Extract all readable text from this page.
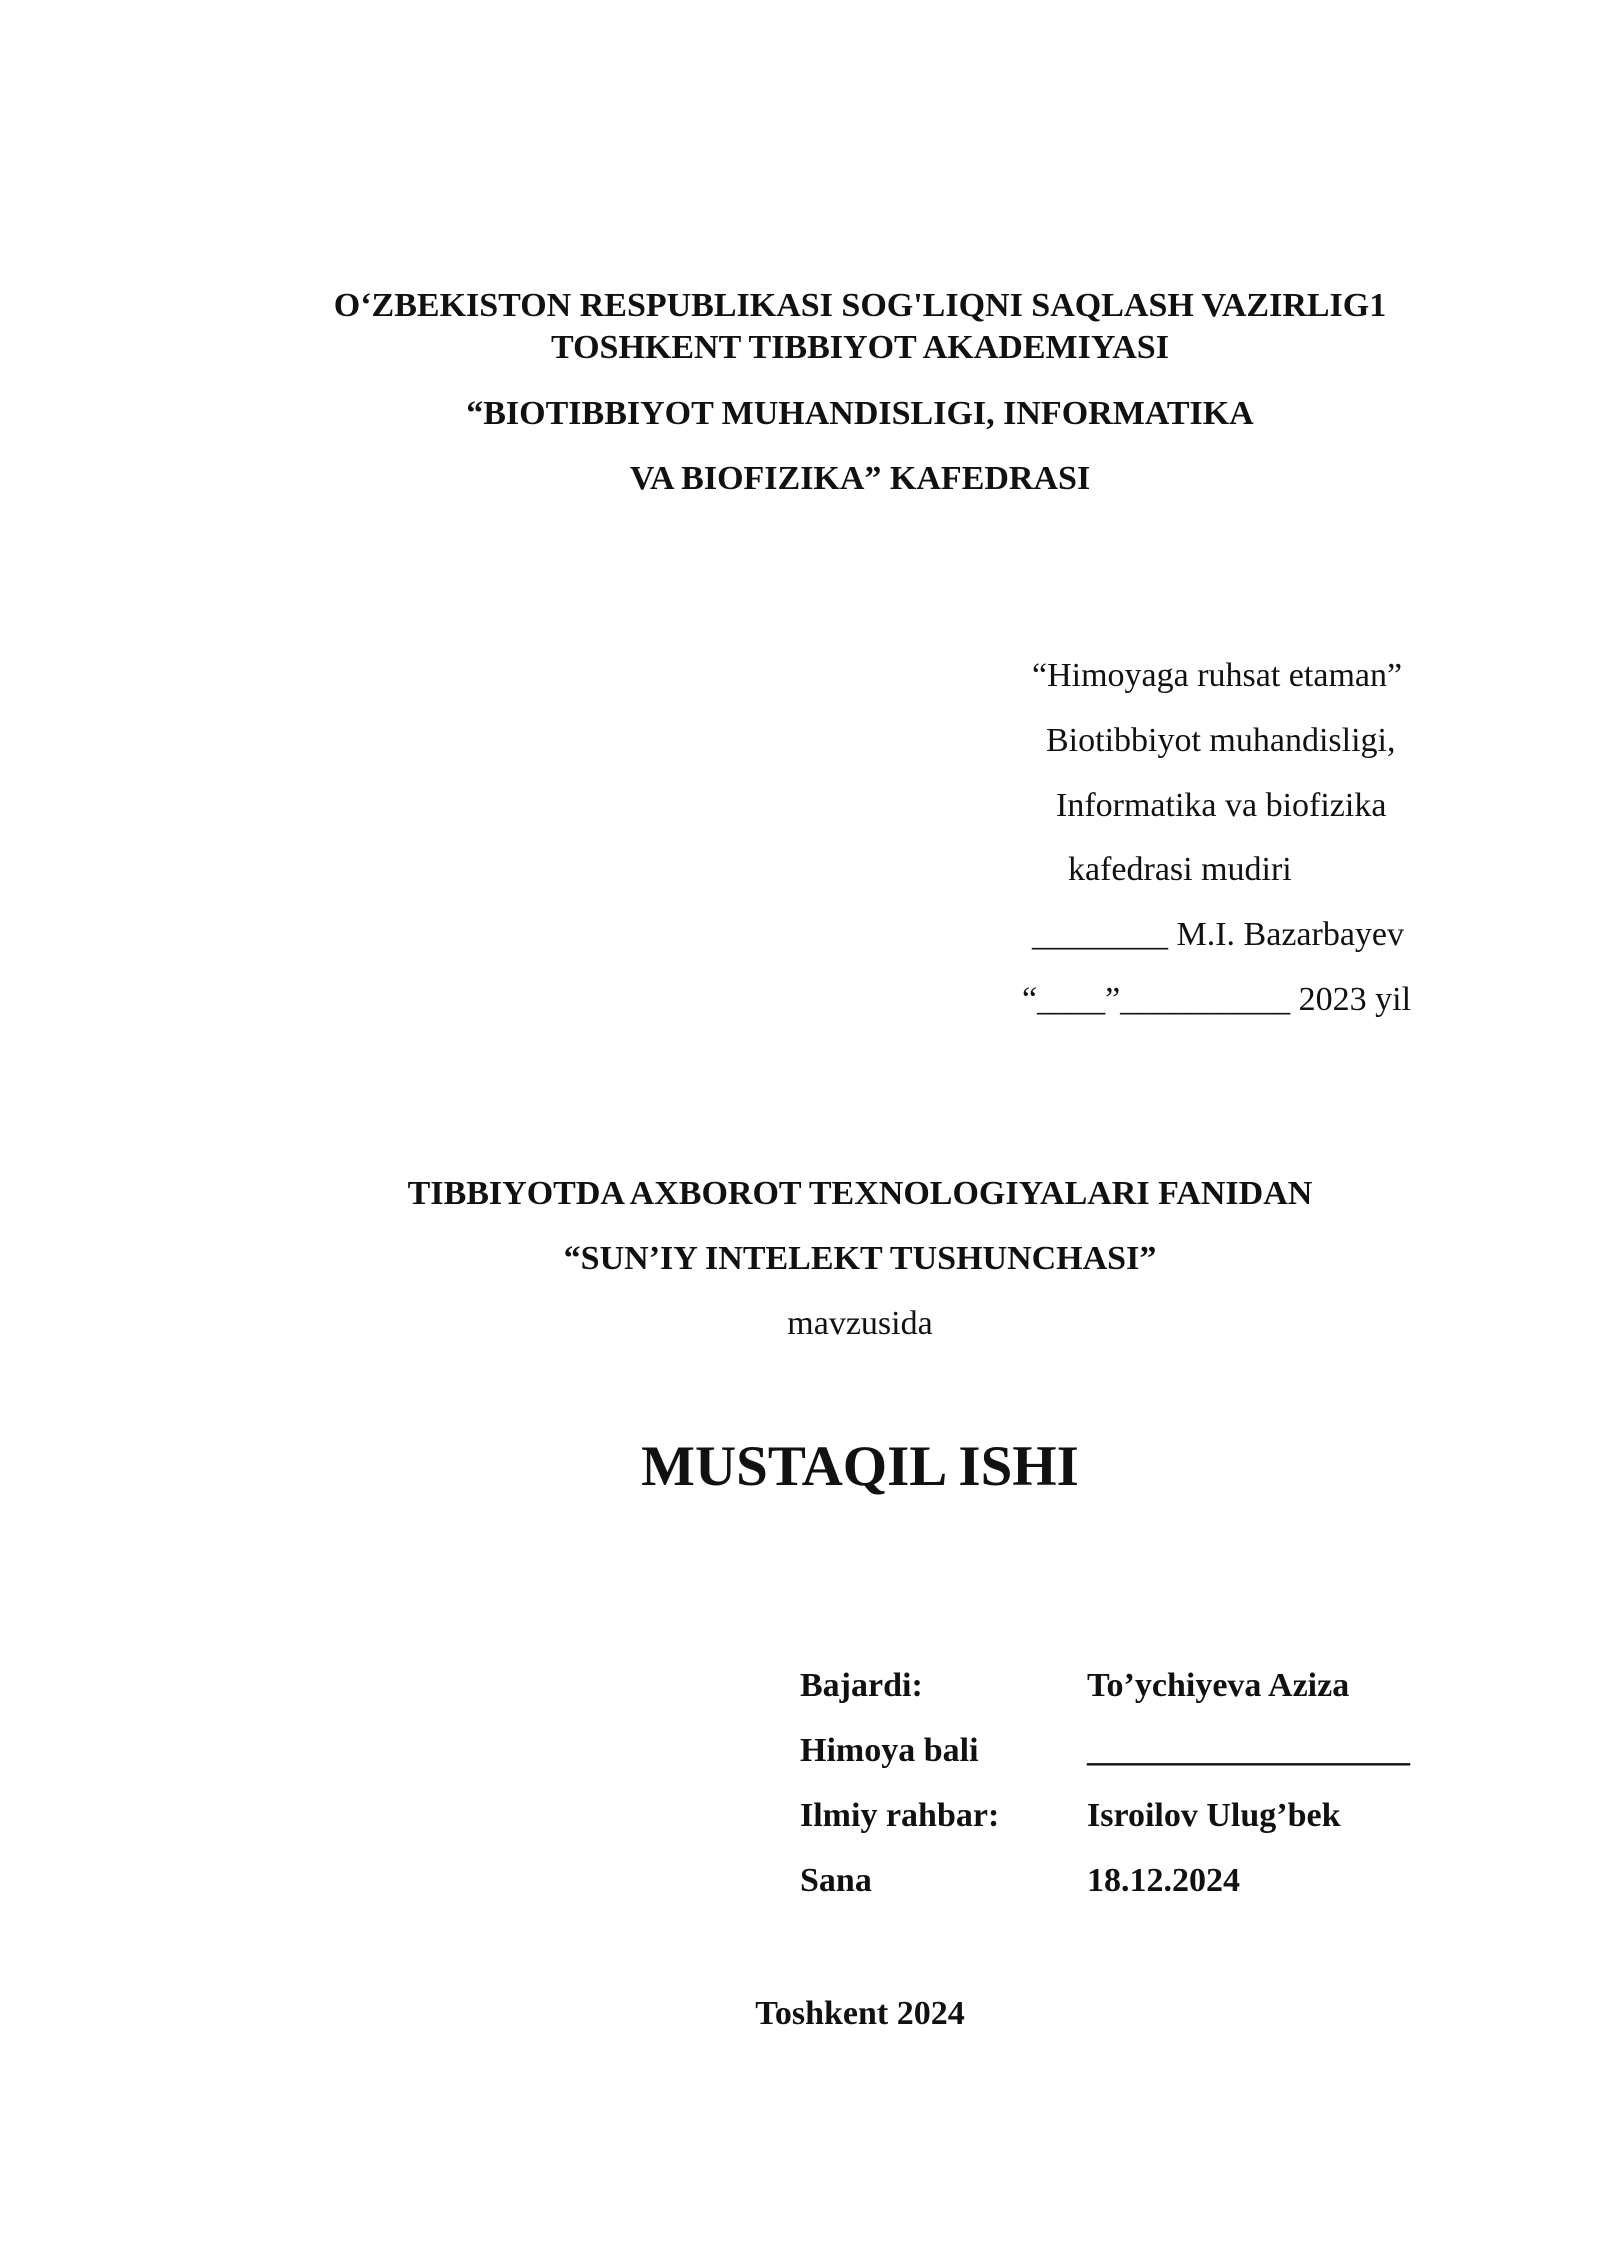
O‘ZBEKISTON RESPUBLIKASI SOG'LIQNI SAQLASH VAZIRLIG1
TOSHKENT TIBBIYOT AKADEMIYASI
“BIOTIBBIYOT MUHANDISLIGI, INFORMATIKA
VA BIOFIZIKA” KAFEDRASI
“Himoyaga ruhsat etaman”
Biotibbiyot muhandisligi,
Informatika va biofizika
kafedrasi mudiri
________ M.I. Bazarbayev
“____”__________ 2023 yil
TIBBIYOTDA AXBOROT TEXNOLOGIYALARI FANIDAN
“SUN’IY INTELEKT TUSHUNCHASI”
mavzusida
MUSTAQIL ISHI
Bajardi:	To’ychiyeva Aziza
Himoya bali	___________________
Ilmiy rahbar:	Isroilov Ulug’bek
Sana	18.12.2024
Toshkent 2024
